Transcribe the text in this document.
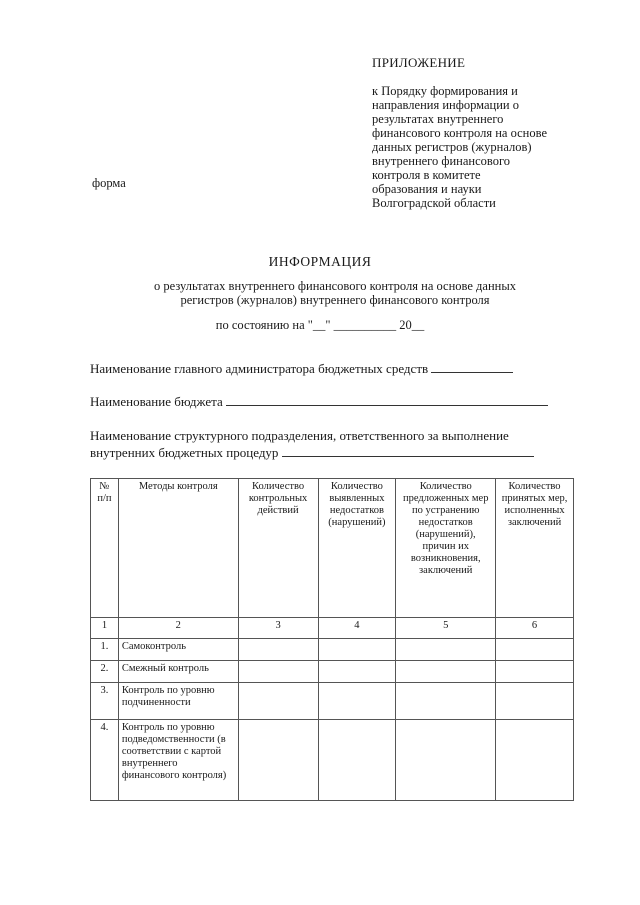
ПРИЛОЖЕНИЕ
к Порядку формирования и
направления информации о
результатах внутреннего
финансового контроля на основе
данных регистров (журналов)
внутреннего финансового
контроля в комитете
образования и науки
Волгоградской области
форма
ИНФОРМАЦИЯ
о результатах внутреннего финансового контроля на основе данных
регистров (журналов) внутреннего финансового контроля
по состоянию на "__" __________ 20__
Наименование главного администратора бюджетных средств
Наименование бюджета
Наименование структурного подразделения, ответственного за выполнение
внутренних бюджетных процедур
№ п/п	Методы контроля	Количество контрольных действий	Количество выявленных недостатков (нарушений)	Количество предложенных мер по устранению недостатков (нарушений), причин их возникновения, заключений	Количество принятых мер, исполненных заключений
1	2	3	4	5	6
1.	Самоконтроль				
2.	Смежный контроль				
3.	Контроль по уровню подчиненности				
4.	Контроль по уровню подведомственности (в соответствии с картой внутреннего финансового контроля)				
